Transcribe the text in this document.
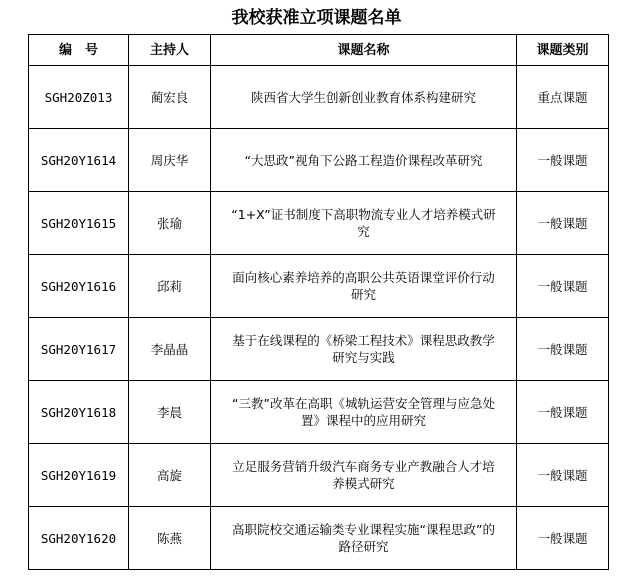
我校获准立项课题名单
编　号	主持人	课题名称	课题类别
SGH20Z013	蔺宏良	陕西省大学生创新创业教育体系构建研究	重点课题
SGH20Y1614	周庆华	“大思政”视角下公路工程造价课程改革研究	一般课题
SGH20Y1615	张瑜	“1+X”证书制度下高职物流专业人才培养模式研究	一般课题
SGH20Y1616	邱莉	面向核心素养培养的高职公共英语课堂评价行动研究	一般课题
SGH20Y1617	李晶晶	基于在线课程的《桥梁工程技术》课程思政教学研究与实践	一般课题
SGH20Y1618	李晨	“三教”改革在高职《城轨运营安全管理与应急处置》课程中的应用研究	一般课题
SGH20Y1619	高旋	立足服务营销升级汽车商务专业产教融合人才培养模式研究	一般课题
SGH20Y1620	陈燕	高职院校交通运输类专业课程实施“课程思政”的路径研究	一般课题
